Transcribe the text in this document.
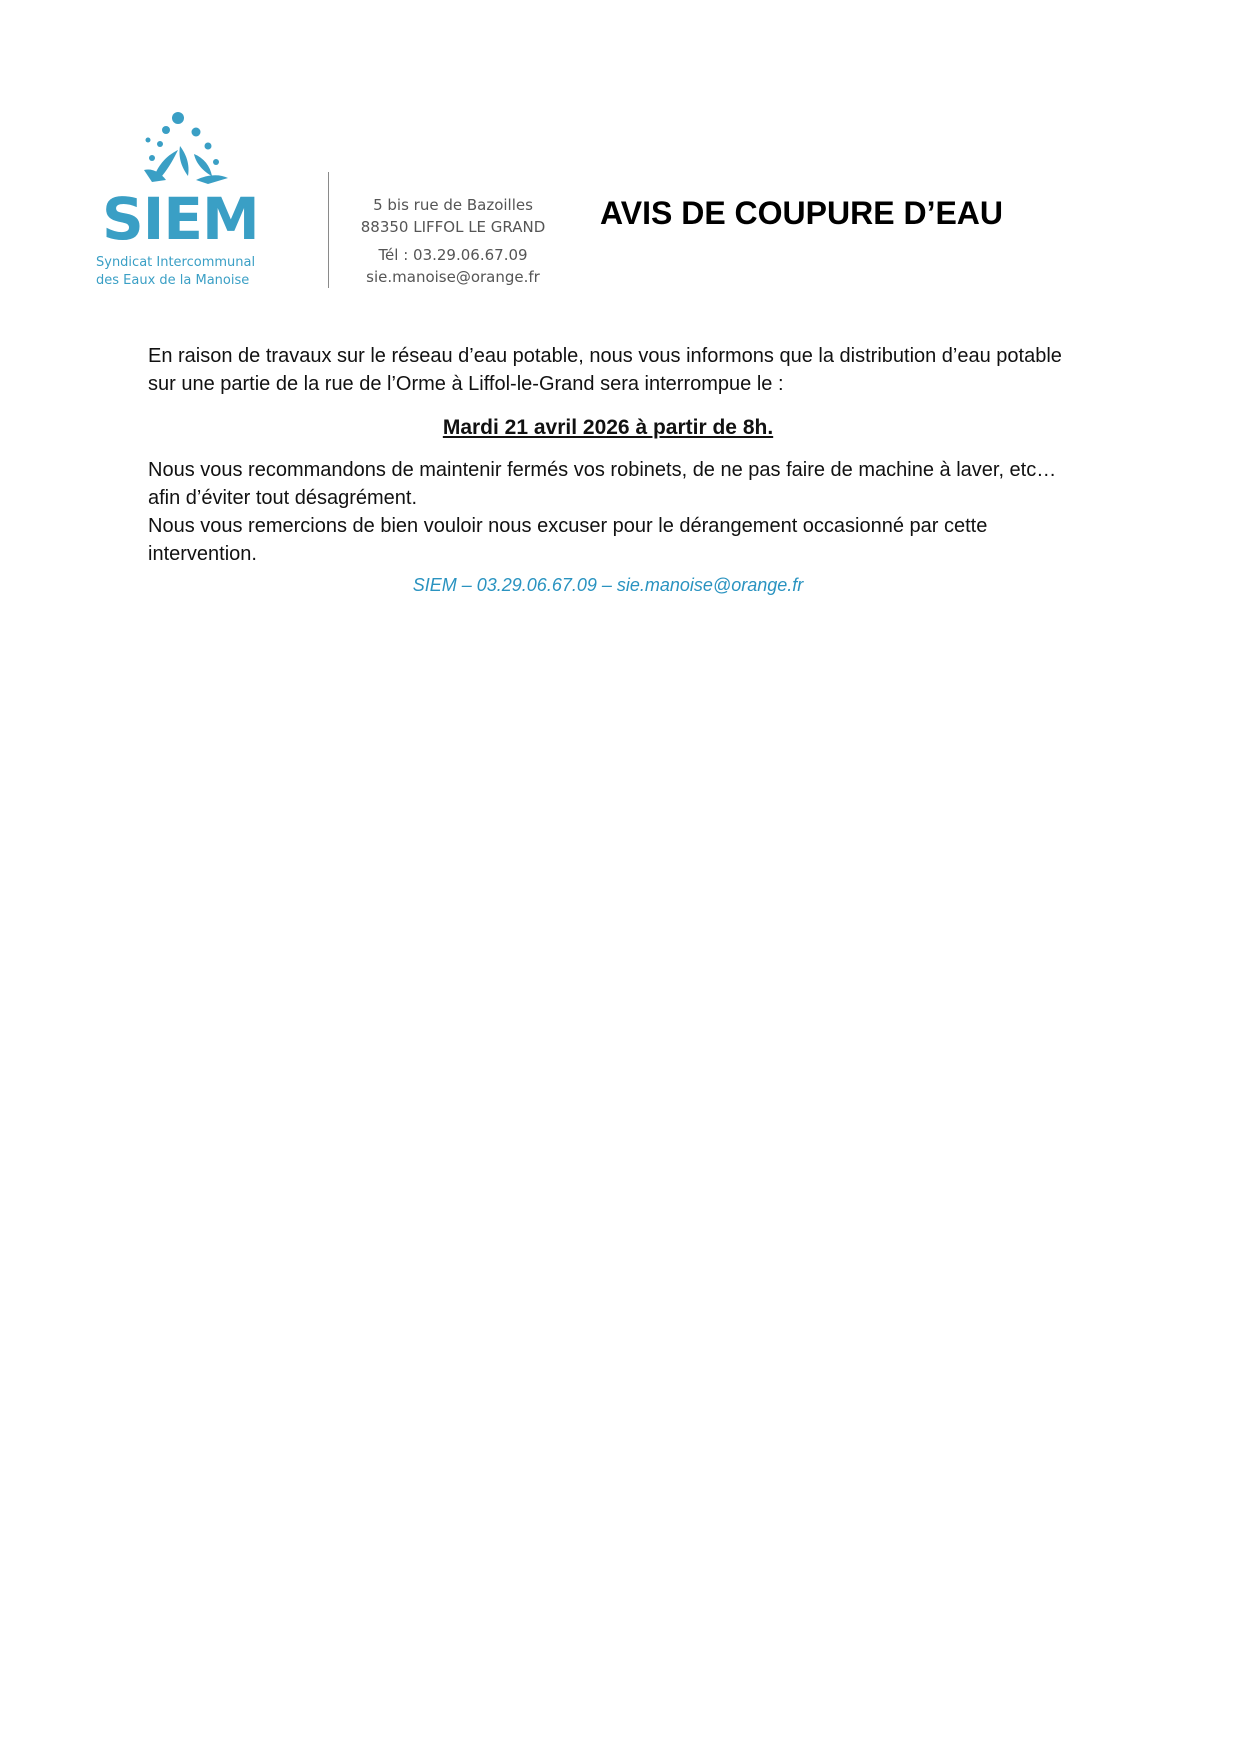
SIEM
Syndicat Intercommunal
des Eaux de la Manoise
5 bis rue de Bazoilles
88350 LIFFOL LE GRAND
Tél : 03.29.06.67.09
sie.manoise@orange.fr
AVIS DE COUPURE D’EAU

En raison de travaux sur le réseau d’eau potable, nous vous informons que la distribution d’eau potable sur une partie de la rue de l’Orme à Liffol-le-Grand sera interrompue le :

Mardi 21 avril 2026 à partir de 8h.

Nous vous recommandons de maintenir fermés vos robinets, de ne pas faire de machine à laver, etc… afin d’éviter tout désagrément.

Nous vous remercions de bien vouloir nous excuser pour le dérangement occasionné par cette intervention.

SIEM – 03.29.06.67.09 – sie.manoise@orange.fr
